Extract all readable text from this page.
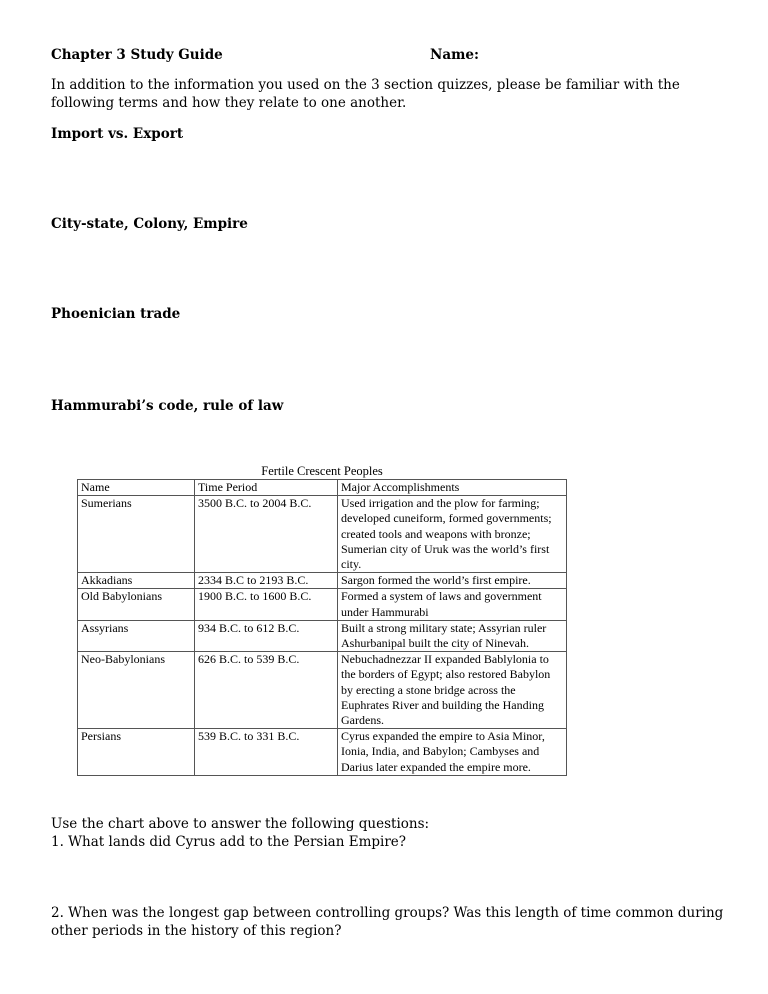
Chapter 3 Study Guide	Name:
In addition to the information you used on the 3 section quizzes, please be familiar with the following terms and how they relate to one another.
Import vs. Export
City-state, Colony, Empire
Phoenician trade
Hammurabi’s code, rule of law
Fertile Crescent Peoples
Name	Time Period	Major Accomplishments
Sumerians	3500 B.C. to 2004 B.C.	Used irrigation and the plow for farming; developed cuneiform, formed governments; created tools and weapons with bronze; Sumerian city of Uruk was the world’s first city.
Akkadians	2334 B.C to 2193 B.C.	Sargon formed the world’s first empire.
Old Babylonians	1900 B.C. to 1600 B.C.	Formed a system of laws and government under Hammurabi
Assyrians	934 B.C. to 612 B.C.	Built a strong military state; Assyrian ruler Ashurbanipal built the city of Ninevah.
Neo-Babylonians	626 B.C. to 539 B.C.	Nebuchadnezzar II expanded Bablylonia to the borders of Egypt; also restored Babylon by erecting a stone bridge across the Euphrates River and building the Handing Gardens.
Persians	539 B.C. to 331 B.C.	Cyrus expanded the empire to Asia Minor, Ionia, India, and Babylon; Cambyses and Darius later expanded the empire more.
Use the chart above to answer the following questions:
1. What lands did Cyrus add to the Persian Empire?
2. When was the longest gap between controlling groups? Was this length of time common during other periods in the history of this region?
